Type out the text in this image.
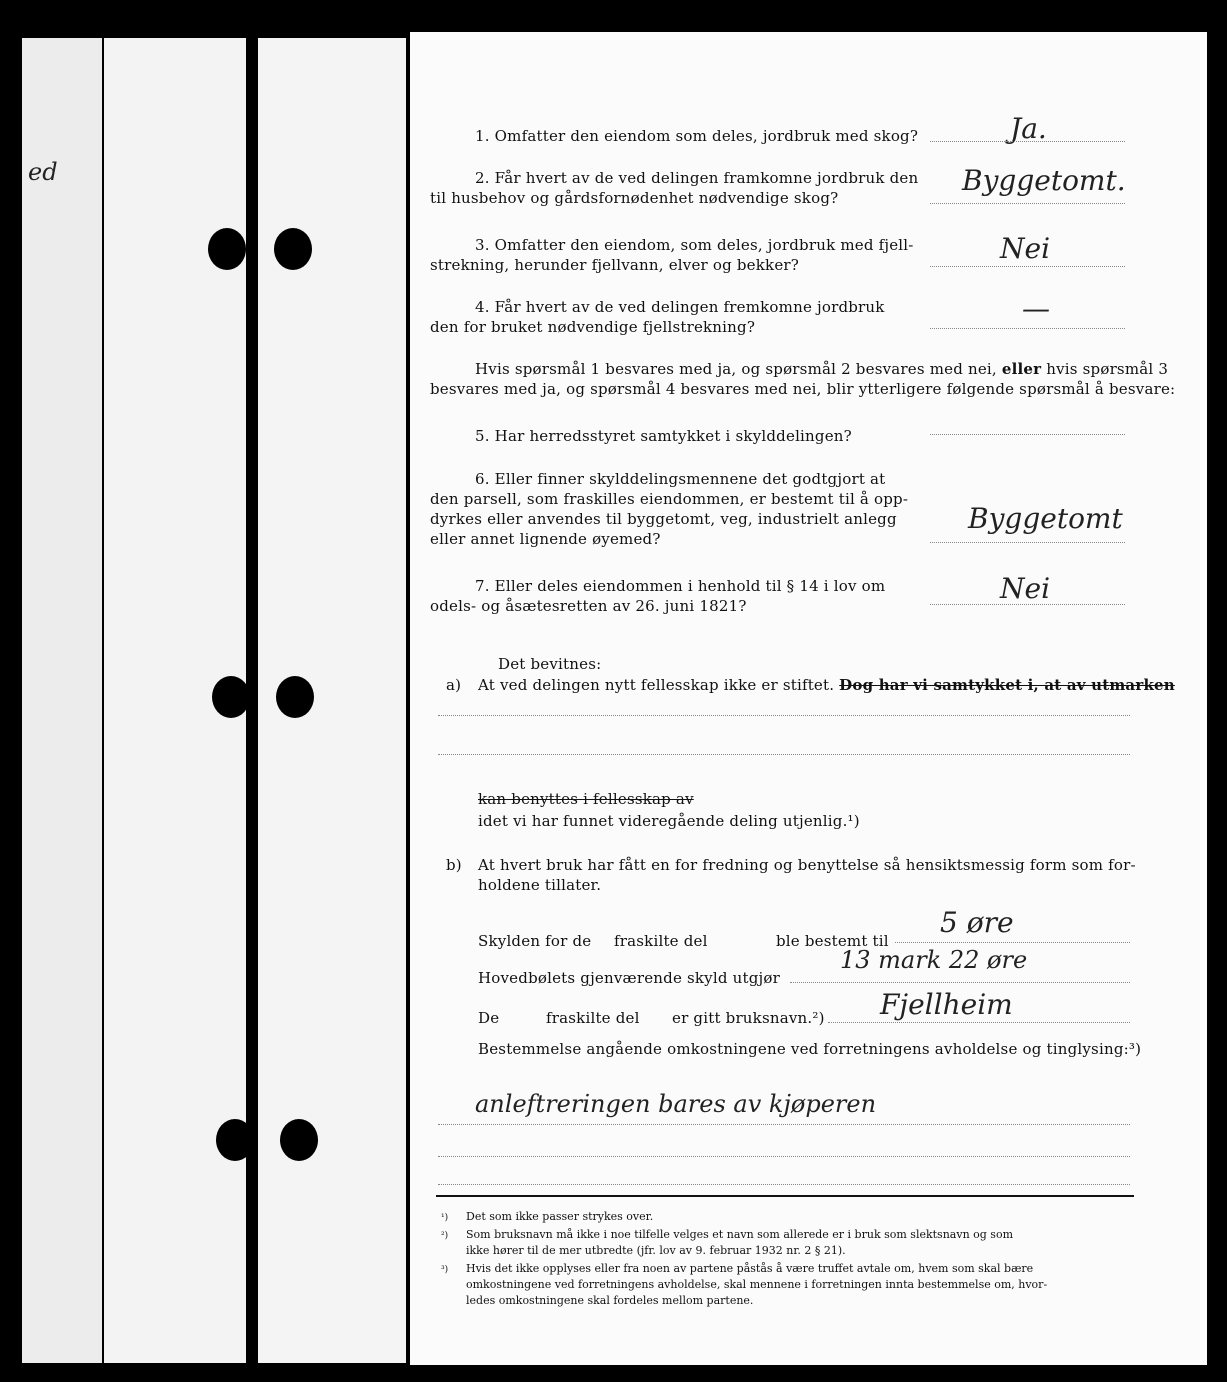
ed
1. Omfatter den eiendom som deles, jordbruk med skog?	Ja.
2. Får hvert av de ved delingen framkomne jordbruk den
til husbehov og gårdsfornødenhet nødvendige skog?
Byggetomt.
3. Omfatter den eiendom, som deles, jordbruk med fjell-
strekning, herunder fjellvann, elver og bekker?	Nei
4. Får hvert av de ved delingen fremkomne jordbruk
den for bruket nødvendige fjellstrekning?
—
Hvis spørsmål 1 besvares med ja, og spørsmål 2 besvares med nei, eller hvis spørsmål 3
besvares med ja, og spørsmål 4 besvares med nei, blir ytterligere følgende spørsmål å besvare:
5. Har herredsstyret samtykket i skylddelingen?
6. Eller finner skylddelingsmennene det godtgjort at
den parsell, som fraskilles eiendommen, er bestemt til å opp-
dyrkes eller anvendes til byggetomt, veg, industrielt anlegg
eller annet lignende øyemed?
Byggetomt
7. Eller deles eiendommen i henhold til § 14 i lov om
odels- og åsætesretten av 26. juni 1821?
Nei
Det bevitnes:
a) At ved delingen nytt fellesskap ikke er stiftet. Dog har vi samtykket i, at av utmarken
kan benyttes i fellesskap av
idet vi har funnet videregående deling utjenlig.¹)
b) At hvert bruk har fått en for fredning og benyttelse så hensiktsmessig form som for-
holdene tillater.
Skylden for de fraskilte del	ble bestemt til
5 øre
Hovedbølets gjenværende skyld utgjør
13 mark 22 øre
De	fraskilte del er gitt bruksnavn.²) Fjellheim
Bestemmelse angående omkostningene ved forretningens avholdelse og tinglysing:³)
anleftreringen bares av kjøperen
¹) Det som ikke passer strykes over.
²) Som bruksnavn må ikke i noe tilfelle velges et navn som allerede er i bruk som slektsnavn og som
ikke hører til de mer utbredte (jfr. lov av 9. februar 1932 nr. 2 § 21).
³) Hvis det ikke opplyses eller fra noen av partene påstås å være truffet avtale om, hvem som skal bære
omkostningene ved forretningens avholdelse, skal mennene i forretningen innta bestemmelse om, hvor-
ledes omkostningene skal fordeles mellom partene.
